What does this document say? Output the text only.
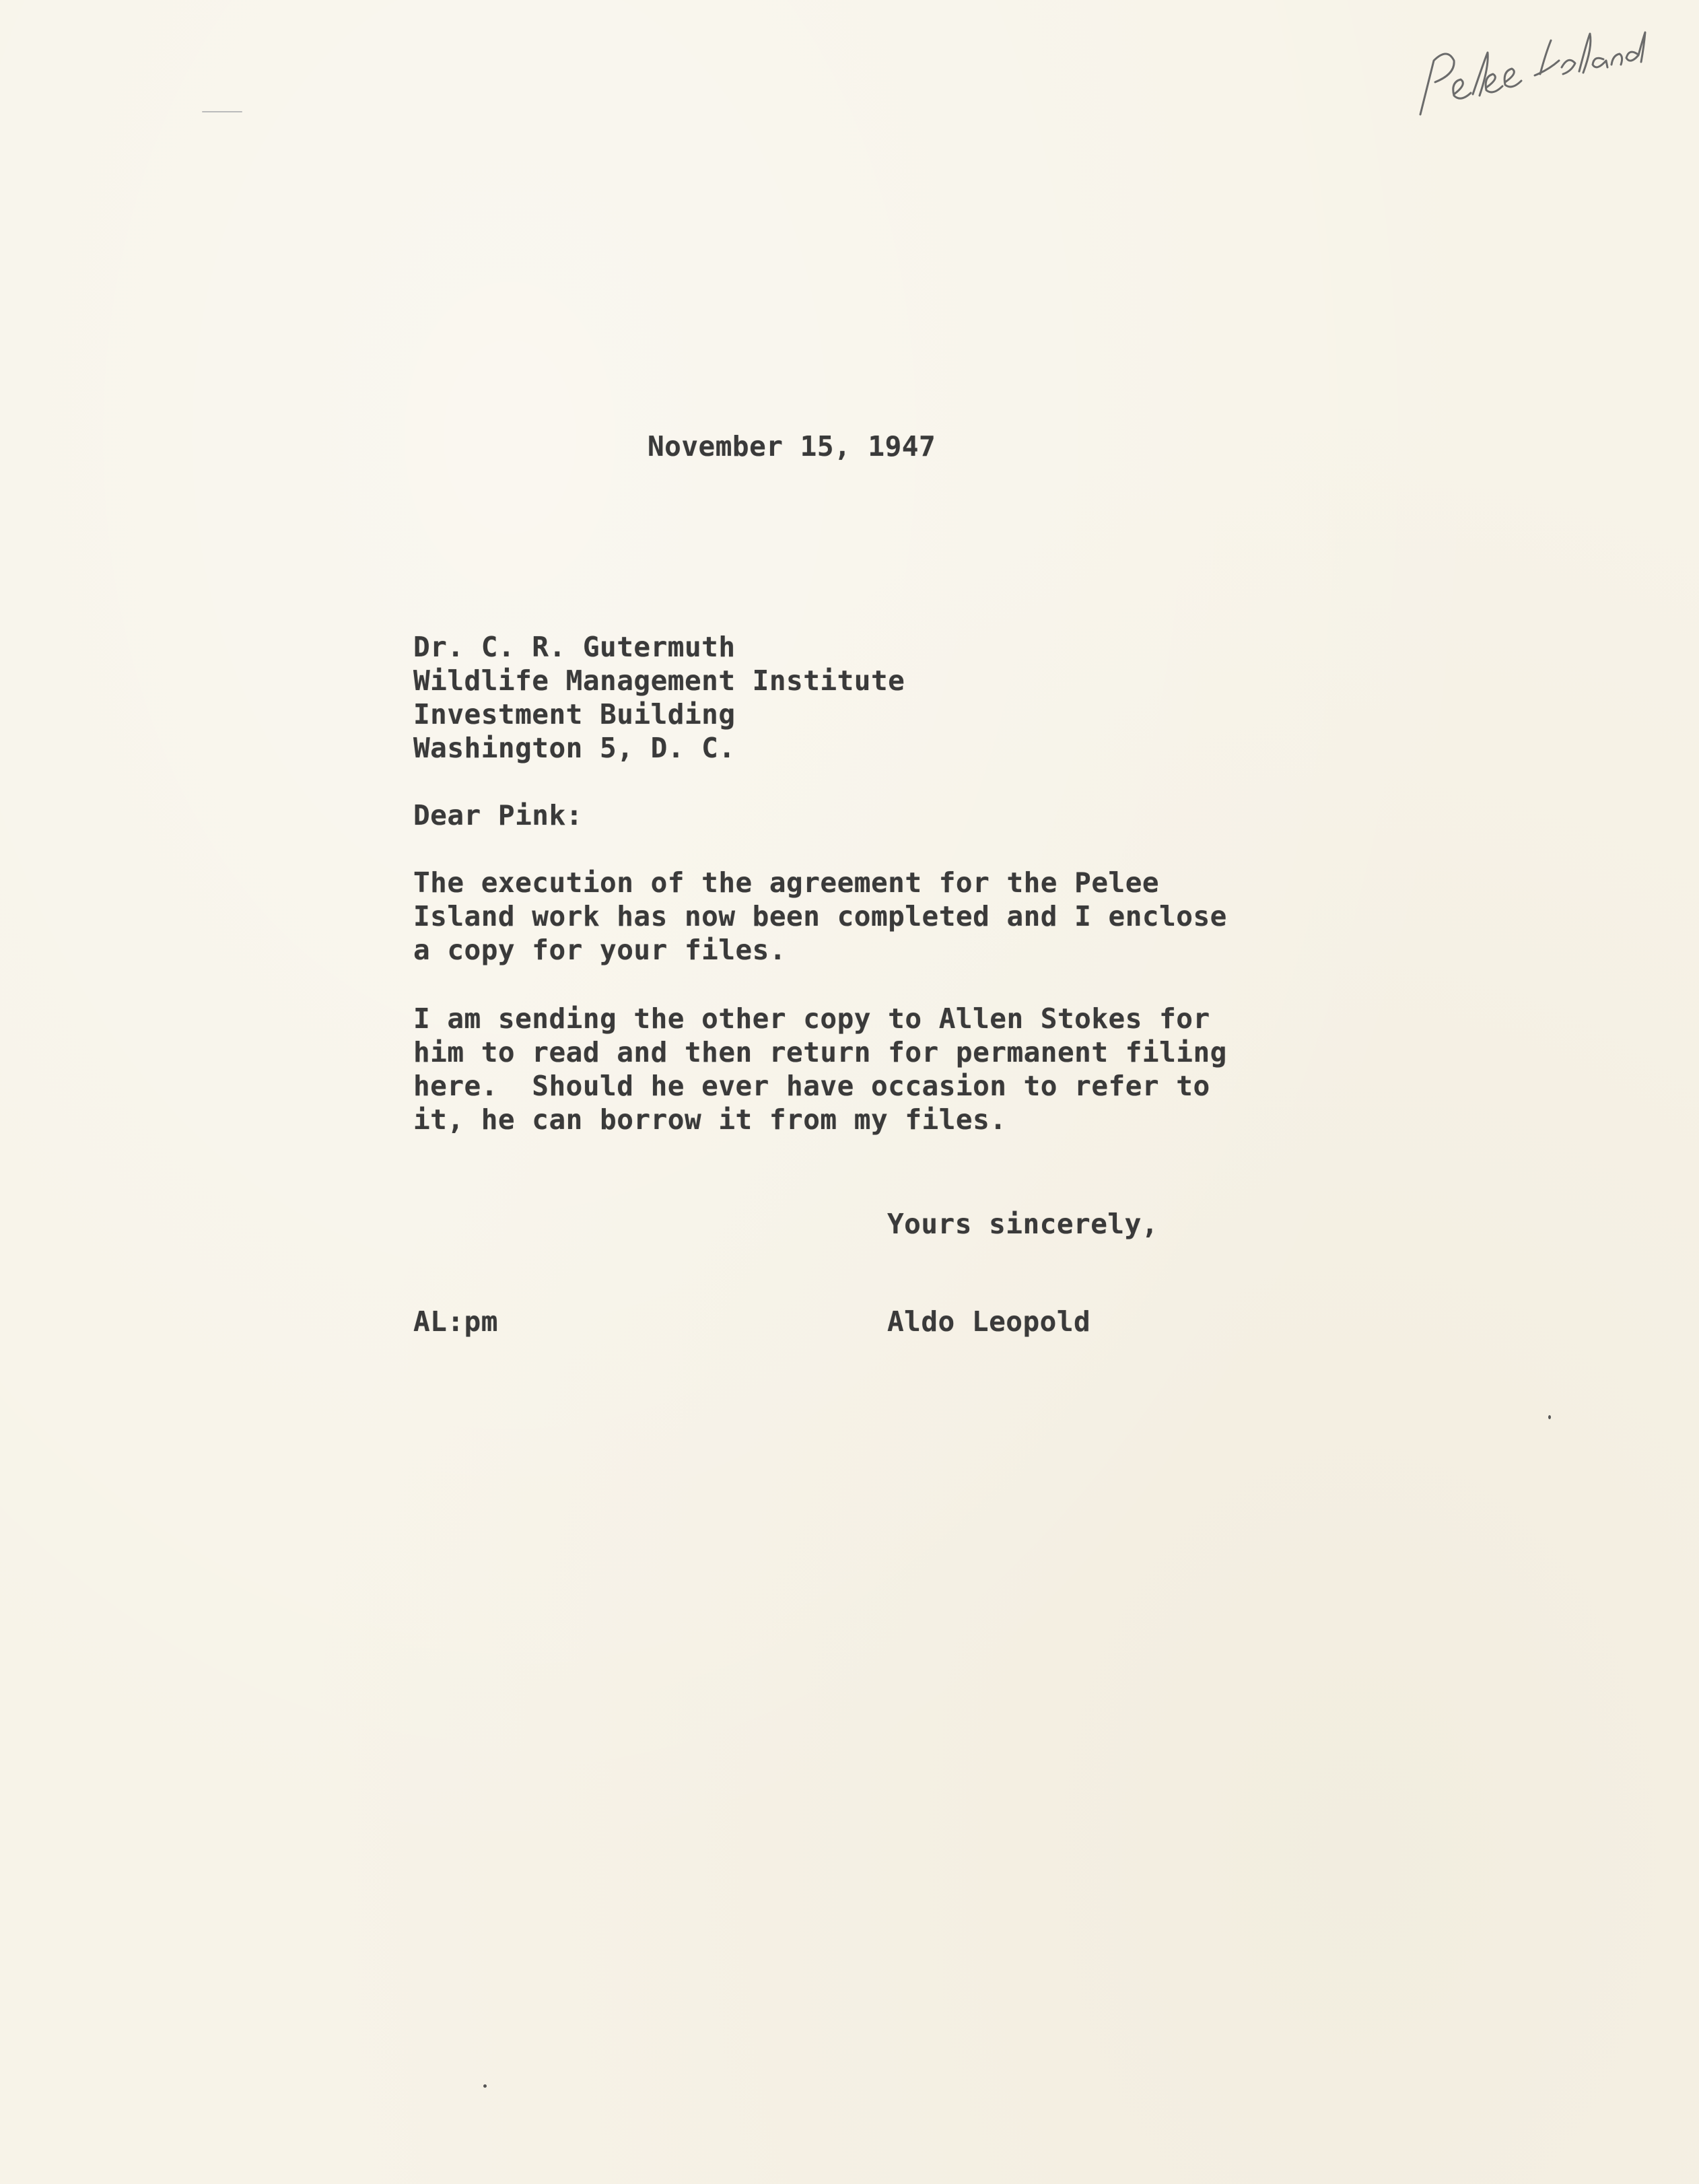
November 15, 1947
Dr. C. R. Gutermuth
Wildlife Management Institute
Investment Building
Washington 5, D. C.
Dear Pink:
The execution of the agreement for the Pelee
Island work has now been completed and I enclose
a copy for your files.
I am sending the other copy to Allen Stokes for
him to read and then return for permanent filing
here.  Should he ever have occasion to refer to
it, he can borrow it from my files.
Yours sincerely,
AL:pm	Aldo Leopold
